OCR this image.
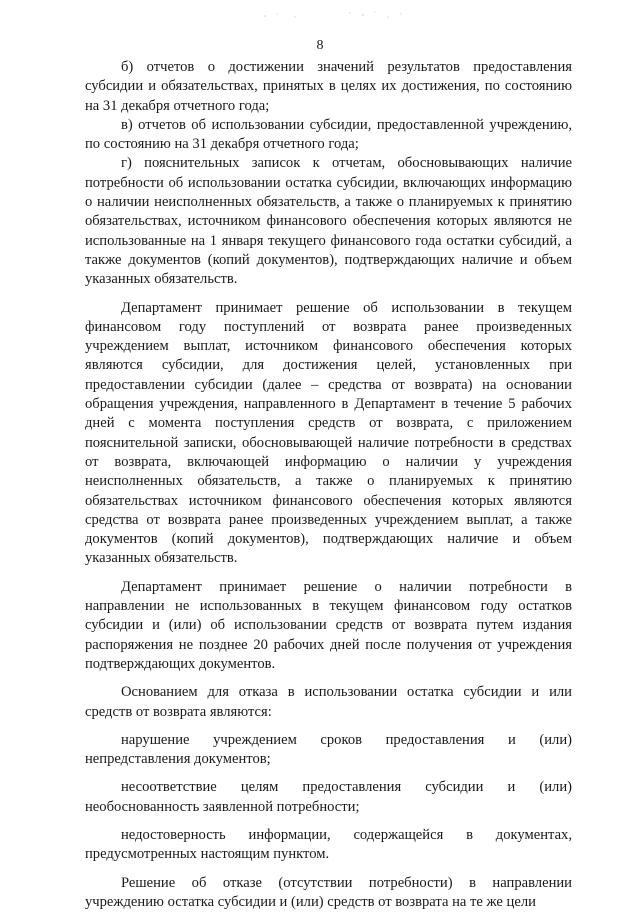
8

б) отчетов о достижении значений результатов предоставления субсидии и обязательствах, принятых в целях их достижения, по состоянию на 31 декабря отчетного года;

в) отчетов об использовании субсидии, предоставленной учреждению, по состоянию на 31 декабря отчетного года;

г) пояснительных записок к отчетам, обосновывающих наличие потребности об использовании остатка субсидии, включающих информацию о наличии неисполненных обязательств, а также о планируемых к принятию обязательствах, источником финансового обеспечения которых являются не использованные на 1 января текущего финансового года остатки субсидий, а также документов (копий документов), подтверждающих наличие и объем указанных обязательств.

Департамент принимает решение об использовании в текущем финансовом году поступлений от возврата ранее произведенных учреждением выплат, источником финансового обеспечения которых являются субсидии, для достижения целей, установленных при предоставлении субсидии (далее – средства от возврата) на основании обращения учреждения, направленного в Департамент в течение 5 рабочих дней с момента поступления средств от возврата, с приложением пояснительной записки, обосновывающей наличие потребности в средствах от возврата, включающей информацию о наличии у учреждения неисполненных обязательств, а также о планируемых к принятию обязательствах источником финансового обеспечения которых являются средства от возврата ранее произведенных учреждением выплат, а также документов (копий документов), подтверждающих наличие и объем указанных обязательств.

Департамент принимает решение о наличии потребности в направлении не использованных в текущем финансовом году остатков субсидии и (или) об использовании средств от возврата путем издания распоряжения не позднее 20 рабочих дней после получения от учреждения подтверждающих документов.

Основанием для отказа в использовании остатка субсидии и или средств от возврата являются:

нарушение учреждением сроков предоставления и (или) непредставления документов;

несоответствие целям предоставления субсидии и (или) необоснованность заявленной потребности;

недостоверность информации, содержащейся в документах, предусмотренных настоящим пунктом.

Решение об отказе (отсутствии потребности) в направлении учреждению остатка субсидии и (или) средств от возврата на те же цели
